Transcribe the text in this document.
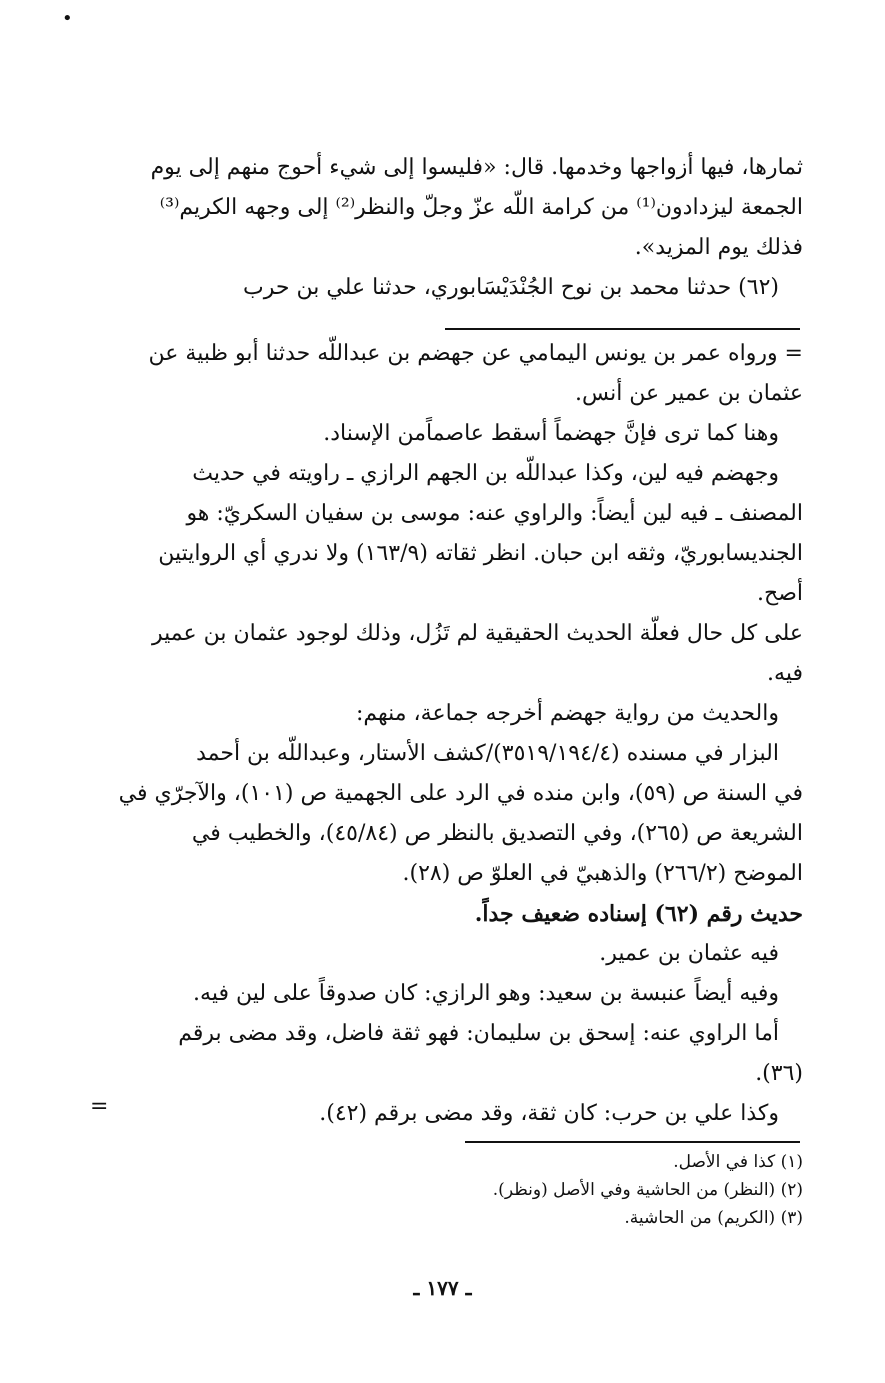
•
ثمارها، فيها أزواجها وخدمها. قال: «فليسوا إلى شيء أحوج منهم إلى يوم
الجمعة ليزدادون⁽¹⁾ من كرامة اللّه عزّ وجلّ والنظر⁽²⁾ إلى وجهه الكريم⁽³⁾
فذلك يوم المزيد».
(٦٢) حدثنا محمد بن نوح الجُنْدَيْسَابوري، حدثنا علي بن حرب
= ورواه عمر بن يونس اليمامي عن جهضم بن عبداللّه حدثنا أبو ظبية عن
عثمان بن عمير عن أنس.
وهنا كما ترى فإنَّ جهضماً أسقط عاصماًمن الإسناد.
وجهضم فيه لين، وكذا عبداللّه بن الجهم الرازي ـ راويته في حديث
المصنف ـ فيه لين أيضاً: والراوي عنه: موسى بن سفيان السكريّ: هو
الجنديسابوريّ، وثقه ابن حبان. انظر ثقاته (١٦٣/٩) ولا ندري أي الروايتين
أصح.
على كل حال فعلّة الحديث الحقيقية لم تَزُل، وذلك لوجود عثمان بن عمير
فيه.
والحديث من رواية جهضم أخرجه جماعة، منهم:
البزار في مسنده (٣٥١٩/١٩٤/٤)/كشف الأستار، وعبداللّه بن أحمد
في السنة ص (٥٩)، وابن منده في الرد على الجهمية ص (١٠١)، والآجرّي في
الشريعة ص (٢٦٥)، وفي التصديق بالنظر ص (٤٥/٨٤)، والخطيب في
الموضح (٢٦٦/٢) والذهبيّ في العلوّ ص (٢٨).
حديث رقم (٦٢) إسناده ضعيف جداً.
فيه عثمان بن عمير.
وفيه أيضاً عنبسة بن سعيد: وهو الرازي: كان صدوقاً على لين فيه.
أما الراوي عنه: إسحق بن سليمان: فهو ثقة فاضل، وقد مضى برقم
(٣٦).
وكذا علي بن حرب: كان ثقة، وقد مضى برقم (٤٢).
=
(١) كذا في الأصل.
(٢) (النظر) من الحاشية وفي الأصل (ونظر).
(٣) (الكريم) من الحاشية.
ـ ١٧٧ ـ
